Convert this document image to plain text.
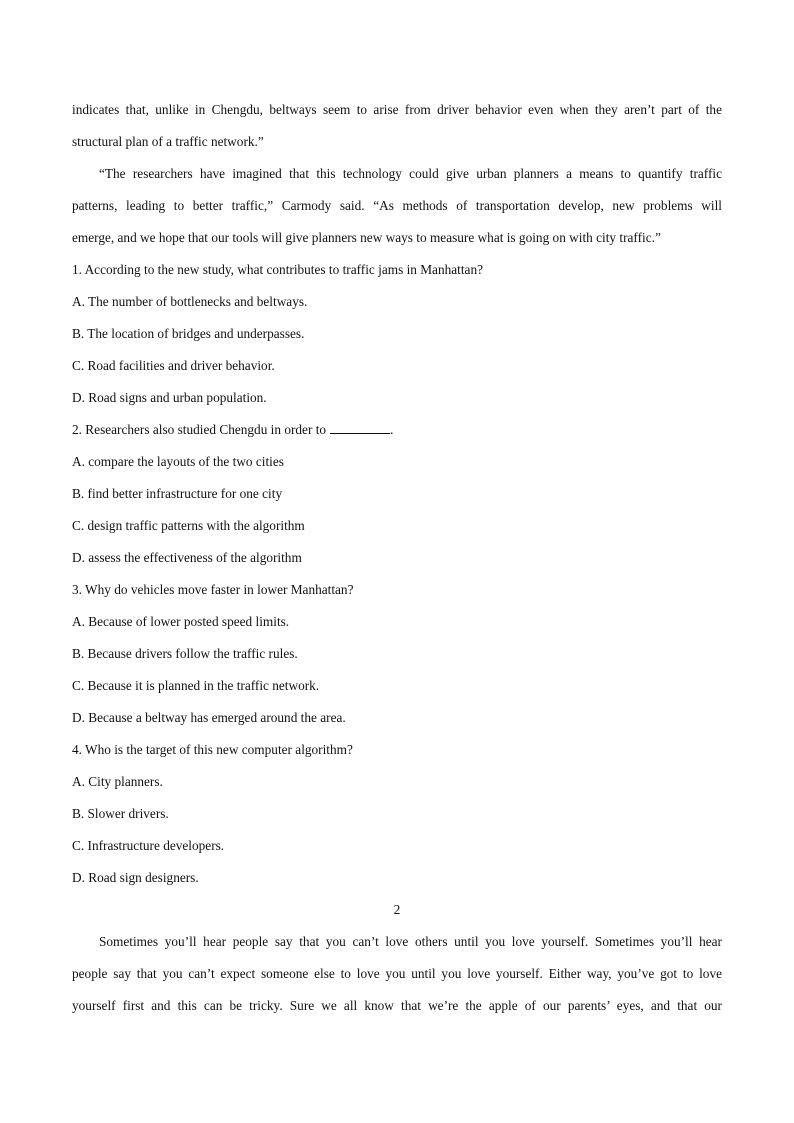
indicates that, unlike in Chengdu, beltways seem to arise from driver behavior even when they aren’t part of the
structural plan of a traffic network.”
“The researchers have imagined that this technology could give urban planners a means to quantify traffic
patterns, leading to better traffic,” Carmody said. “As methods of transportation develop, new problems will
emerge, and we hope that our tools will give planners new ways to measure what is going on with city traffic.”
1. According to the new study, what contributes to traffic jams in Manhattan?
A. The number of bottlenecks and beltways.
B. The location of bridges and underpasses.
C. Road facilities and driver behavior.
D. Road signs and urban population.
2. Researchers also studied Chengdu in order to	.
A. compare the layouts of the two cities
B. find better infrastructure for one city
C. design traffic patterns with the algorithm
D. assess the effectiveness of the algorithm
3. Why do vehicles move faster in lower Manhattan?
A. Because of lower posted speed limits.
B. Because drivers follow the traffic rules.
C. Because it is planned in the traffic network.
D. Because a beltway has emerged around the area.
4. Who is the target of this new computer algorithm?
A. City planners.
B. Slower drivers.
C. Infrastructure developers.
D. Road sign designers.
2
Sometimes you’ll hear people say that you can’t love others until you love yourself. Sometimes you’ll hear
people say that you can’t expect someone else to love you until you love yourself. Either way, you’ve got to love
yourself first and this can be tricky. Sure we all know that we’re the apple of our parents’ eyes, and that our
